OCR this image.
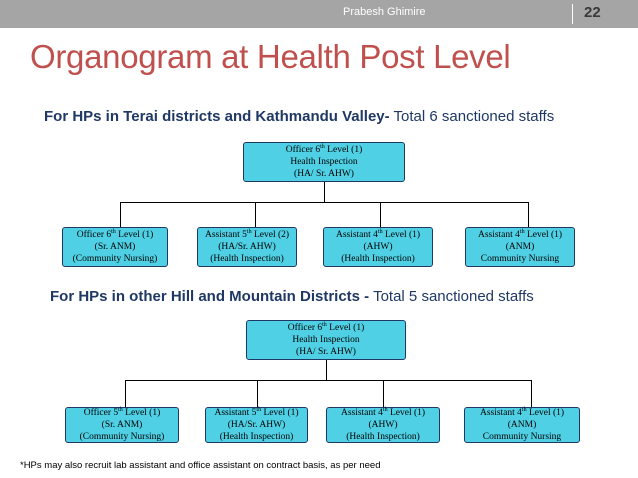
Prabesh Ghimire	22
Organogram at Health Post Level
For HPs in Terai districts and Kathmandu Valley- Total 6 sanctioned staffs
Officer 6th Level (1)
Health Inspection
(HA/ Sr. AHW)
Officer 6th Level (1)
(Sr. ANM)
(Community Nursing)
Assistant 5th Level (2)
(HA/Sr. AHW)
(Health Inspection)
Assistant 4th Level (1)
(AHW)
(Health Inspection)
Assistant 4th Level (1)
(ANM)
Community Nursing
For HPs in other Hill and Mountain Districts - Total 5 sanctioned staffs
Officer 6th Level (1)
Health Inspection
(HA/ Sr. AHW)
Officer 5th Level (1)
(Sr. ANM)
(Community Nursing)
Assistant 5th Level (1)
(HA/Sr. AHW)
(Health Inspection)
Assistant 4th Level (1)
(AHW)
(Health Inspection)
Assistant 4th Level (1)
(ANM)
Community Nursing
*HPs may also recruit lab assistant and office assistant on contract basis, as per need
